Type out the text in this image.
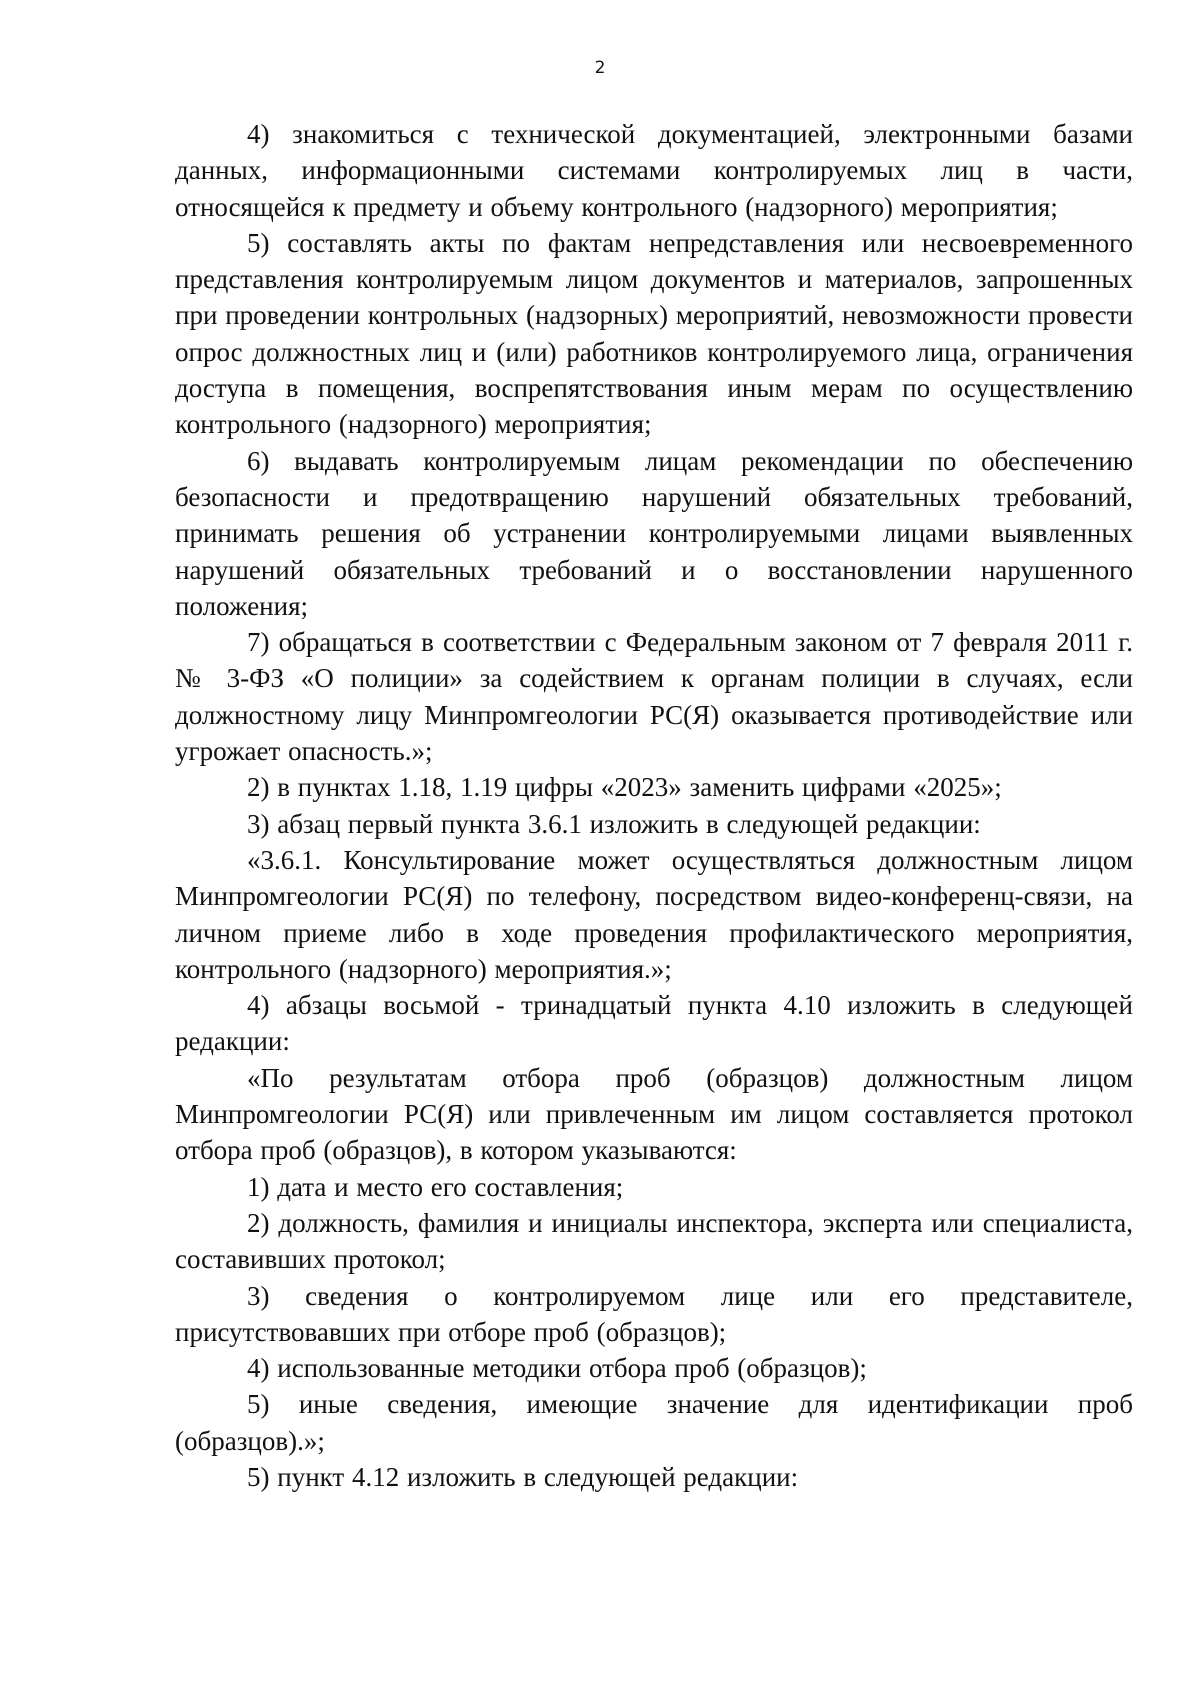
2

4) знакомиться с технической документацией, электронными базами данных, информационными системами контролируемых лиц в части, относящейся к предмету и объему контрольного (надзорного) мероприятия;

5) составлять акты по фактам непредставления или несвоевременного представления контролируемым лицом документов и материалов, запрошенных при проведении контрольных (надзорных) мероприятий, невозможности провести опрос должностных лиц и (или) работников контролируемого лица, ограничения доступа в помещения, воспрепятствования иным мерам по осуществлению контрольного (надзорного) мероприятия;

6) выдавать контролируемым лицам рекомендации по обеспечению безопасности и предотвращению нарушений обязательных требований, принимать решения об устранении контролируемыми лицами выявленных нарушений обязательных требований и о восстановлении нарушенного положения;

7) обращаться в соответствии с Федеральным законом от 7 февраля 2011 г. № 3-ФЗ «О полиции» за содействием к органам полиции в случаях, если должностному лицу Минпромгеологии РС(Я) оказывается противодействие или угрожает опасность.»;

2) в пунктах 1.18, 1.19 цифры «2023» заменить цифрами «2025»;

3) абзац первый пункта 3.6.1 изложить в следующей редакции:

«3.6.1. Консультирование может осуществляться должностным лицом Минпромгеологии РС(Я) по телефону, посредством видео-конференц-связи, на личном приеме либо в ходе проведения профилактического мероприятия, контрольного (надзорного) мероприятия.»;

4) абзацы восьмой - тринадцатый пункта 4.10 изложить в следующей редакции:

«По результатам отбора проб (образцов) должностным лицом Минпромгеологии РС(Я) или привлеченным им лицом составляется протокол отбора проб (образцов), в котором указываются:

1) дата и место его составления;

2) должность, фамилия и инициалы инспектора, эксперта или специалиста, составивших протокол;

3) сведения о контролируемом лице или его представителе, присутствовавших при отборе проб (образцов);

4) использованные методики отбора проб (образцов);

5) иные сведения, имеющие значение для идентификации проб (образцов).»;

5) пункт 4.12 изложить в следующей редакции:
